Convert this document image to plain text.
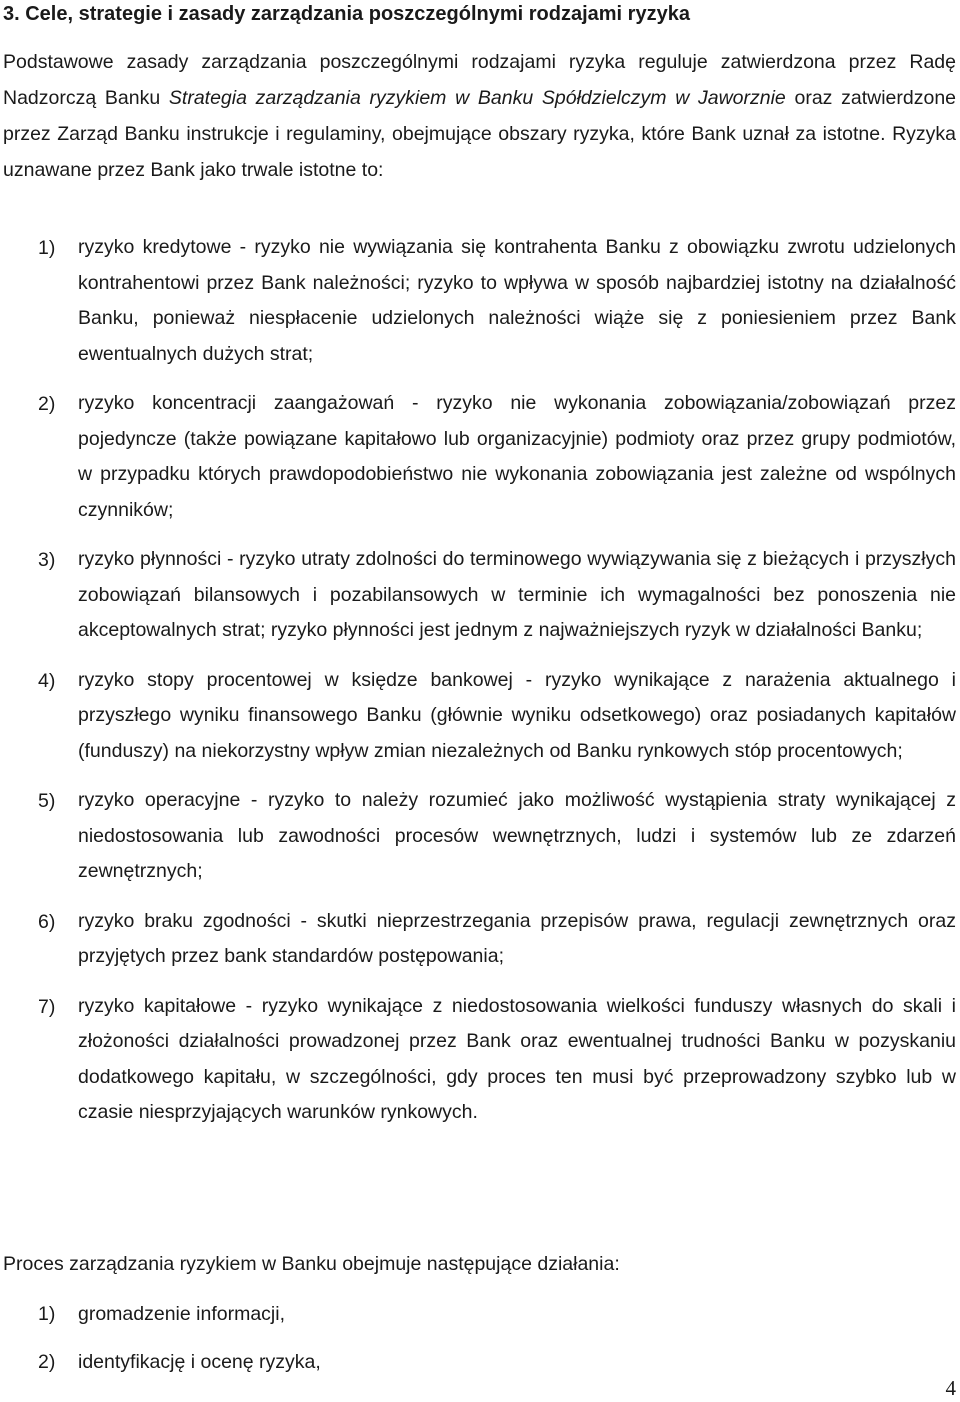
3. Cele, strategie i zasady zarządzania poszczególnymi rodzajami ryzyka

Podstawowe zasady zarządzania poszczególnymi rodzajami ryzyka reguluje zatwierdzona przez Radę Nadzorczą Banku Strategia zarządzania ryzykiem w Banku Spółdzielczym w Jaworznie oraz zatwierdzone przez Zarząd Banku instrukcje i regulaminy, obejmujące obszary ryzyka, które Bank uznał za istotne. Ryzyka uznawane przez Bank jako trwale istotne to:

1) ryzyko kredytowe - ryzyko nie wywiązania się kontrahenta Banku z obowiązku zwrotu udzielonych kontrahentowi przez Bank należności; ryzyko to wpływa w sposób najbardziej istotny na działalność Banku, ponieważ niespłacenie udzielonych należności wiąże się z poniesieniem przez Bank ewentualnych dużych strat;
2) ryzyko koncentracji zaangażowań - ryzyko nie wykonania zobowiązania/zobowiązań przez pojedyncze (także powiązane kapitałowo lub organizacyjnie) podmioty oraz przez grupy podmiotów, w przypadku których prawdopodobieństwo nie wykonania zobowiązania jest zależne od wspólnych czynników;
3) ryzyko płynności - ryzyko utraty zdolności do terminowego wywiązywania się z bieżących i przyszłych zobowiązań bilansowych i pozabilansowych w terminie ich wymagalności bez ponoszenia nie akceptowalnych strat; ryzyko płynności jest jednym z najważniejszych ryzyk w działalności Banku;
4) ryzyko stopy procentowej w księdze bankowej - ryzyko wynikające z narażenia aktualnego i przyszłego wyniku finansowego Banku (głównie wyniku odsetkowego) oraz posiadanych kapitałów (funduszy) na niekorzystny wpływ zmian niezależnych od Banku rynkowych stóp procentowych;
5) ryzyko operacyjne - ryzyko to należy rozumieć jako możliwość wystąpienia straty wynikającej z niedostosowania lub zawodności procesów wewnętrznych, ludzi i systemów lub ze zdarzeń zewnętrznych;
6) ryzyko braku zgodności - skutki nieprzestrzegania przepisów prawa, regulacji zewnętrznych oraz przyjętych przez bank standardów postępowania;
7) ryzyko kapitałowe - ryzyko wynikające z niedostosowania wielkości funduszy własnych do skali i złożoności działalności prowadzonej przez Bank oraz ewentualnej trudności Banku w pozyskaniu dodatkowego kapitału, w szczególności, gdy proces ten musi być przeprowadzony szybko lub w czasie niesprzyjających warunków rynkowych.
Proces zarządzania ryzykiem w Banku obejmuje następujące działania:
1) gromadzenie informacji,
2) identyfikację i ocenę ryzyka,
4
